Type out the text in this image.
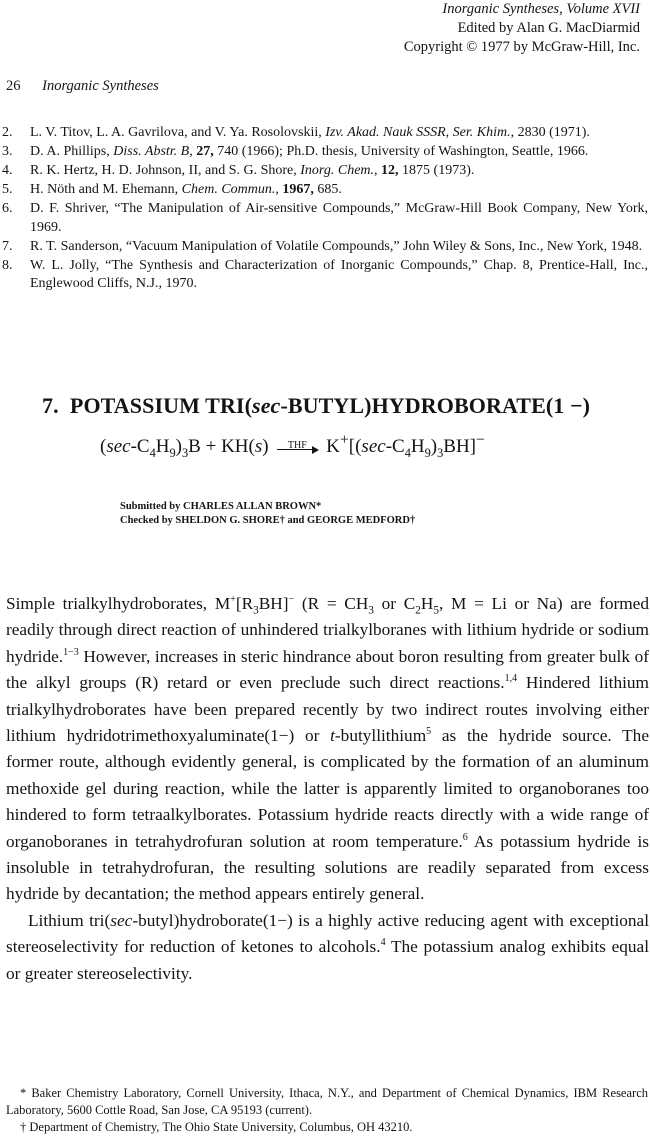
Inorganic Syntheses, Volume XVII
Edited by Alan G. MacDiarmid
Copyright © 1977 by McGraw-Hill, Inc.
26 Inorganic Syntheses
2.	L. V. Titov, L. A. Gavrilova, and V. Ya. Rosolovskii, Izv. Akad. Nauk SSSR, Ser. Khim., 2830 (1971).
3.	D. A. Phillips, Diss. Abstr. B, 27, 740 (1966); Ph.D. thesis, University of Washington, Seattle, 1966.
4.	R. K. Hertz, H. D. Johnson, II, and S. G. Shore, Inorg. Chem., 12, 1875 (1973).
5.	H. Nöth and M. Ehemann, Chem. Commun., 1967, 685.
6.	D. F. Shriver, “The Manipulation of Air-sensitive Compounds,” McGraw-Hill Book Company, New York, 1969.
7.	R. T. Sanderson, “Vacuum Manipulation of Volatile Compounds,” John Wiley & Sons, Inc., New York, 1948.
8.	W. L. Jolly, “The Synthesis and Characterization of Inorganic Compounds,” Chap. 8, Prentice-Hall, Inc., Englewood Cliffs, N.J., 1970.
7. POTASSIUM TRI(sec-BUTYL)HYDROBORATE(1 −)
$(\sec-C_4H_9)_3B + KH(s)$	THF	$K^+[(\sec-C_4H_9)_3BH]^-$
Submitted by CHARLES ALLAN BROWN*
Checked by SHELDON G. SHORE† and GEORGE MEDFORD†

Simple trialkylhydroborates, $M^+[R_3BH]^-$ ($R = CH_3$ or $C_2H_5$, M = Li or Na) are formed readily through direct reaction of unhindered trialkylboranes with lithium hydride or sodium hydride.$^{1-3}$ However, increases in steric hindrance about boron resulting from greater bulk of the alkyl groups (R) retard or even preclude such direct reactions.$^{1,4}$ Hindered lithium trialkylhydroborates have been prepared recently by two indirect routes involving either lithium hydridotrimethoxyaluminate(1−) or t-butyllithium$^5$ as the hydride source. The former route, although evidently general, is complicated by the formation of an aluminum methoxide gel during reaction, while the latter is apparently limited to organoboranes too hindered to form tetraalkylborates. Potassium hydride reacts directly with a wide range of organoboranes in tetrahydrofuran solution at room temperature.$^6$ As potassium hydride is insoluble in tetrahydrofuran, the resulting solutions are readily separated from excess hydride by decantation; the method appears entirely general.

Lithium tri(sec-butyl)hydroborate(1−) is a highly active reducing agent with exceptional stereoselectivity for reduction of ketones to alcohols.$^4$ The potassium analog exhibits equal or greater stereoselectivity.

* Baker Chemistry Laboratory, Cornell University, Ithaca, N.Y., and Department of Chemical Dynamics, IBM Research Laboratory, 5600 Cottle Road, San Jose, CA 95193 (current).

† Department of Chemistry, The Ohio State University, Columbus, OH 43210.
